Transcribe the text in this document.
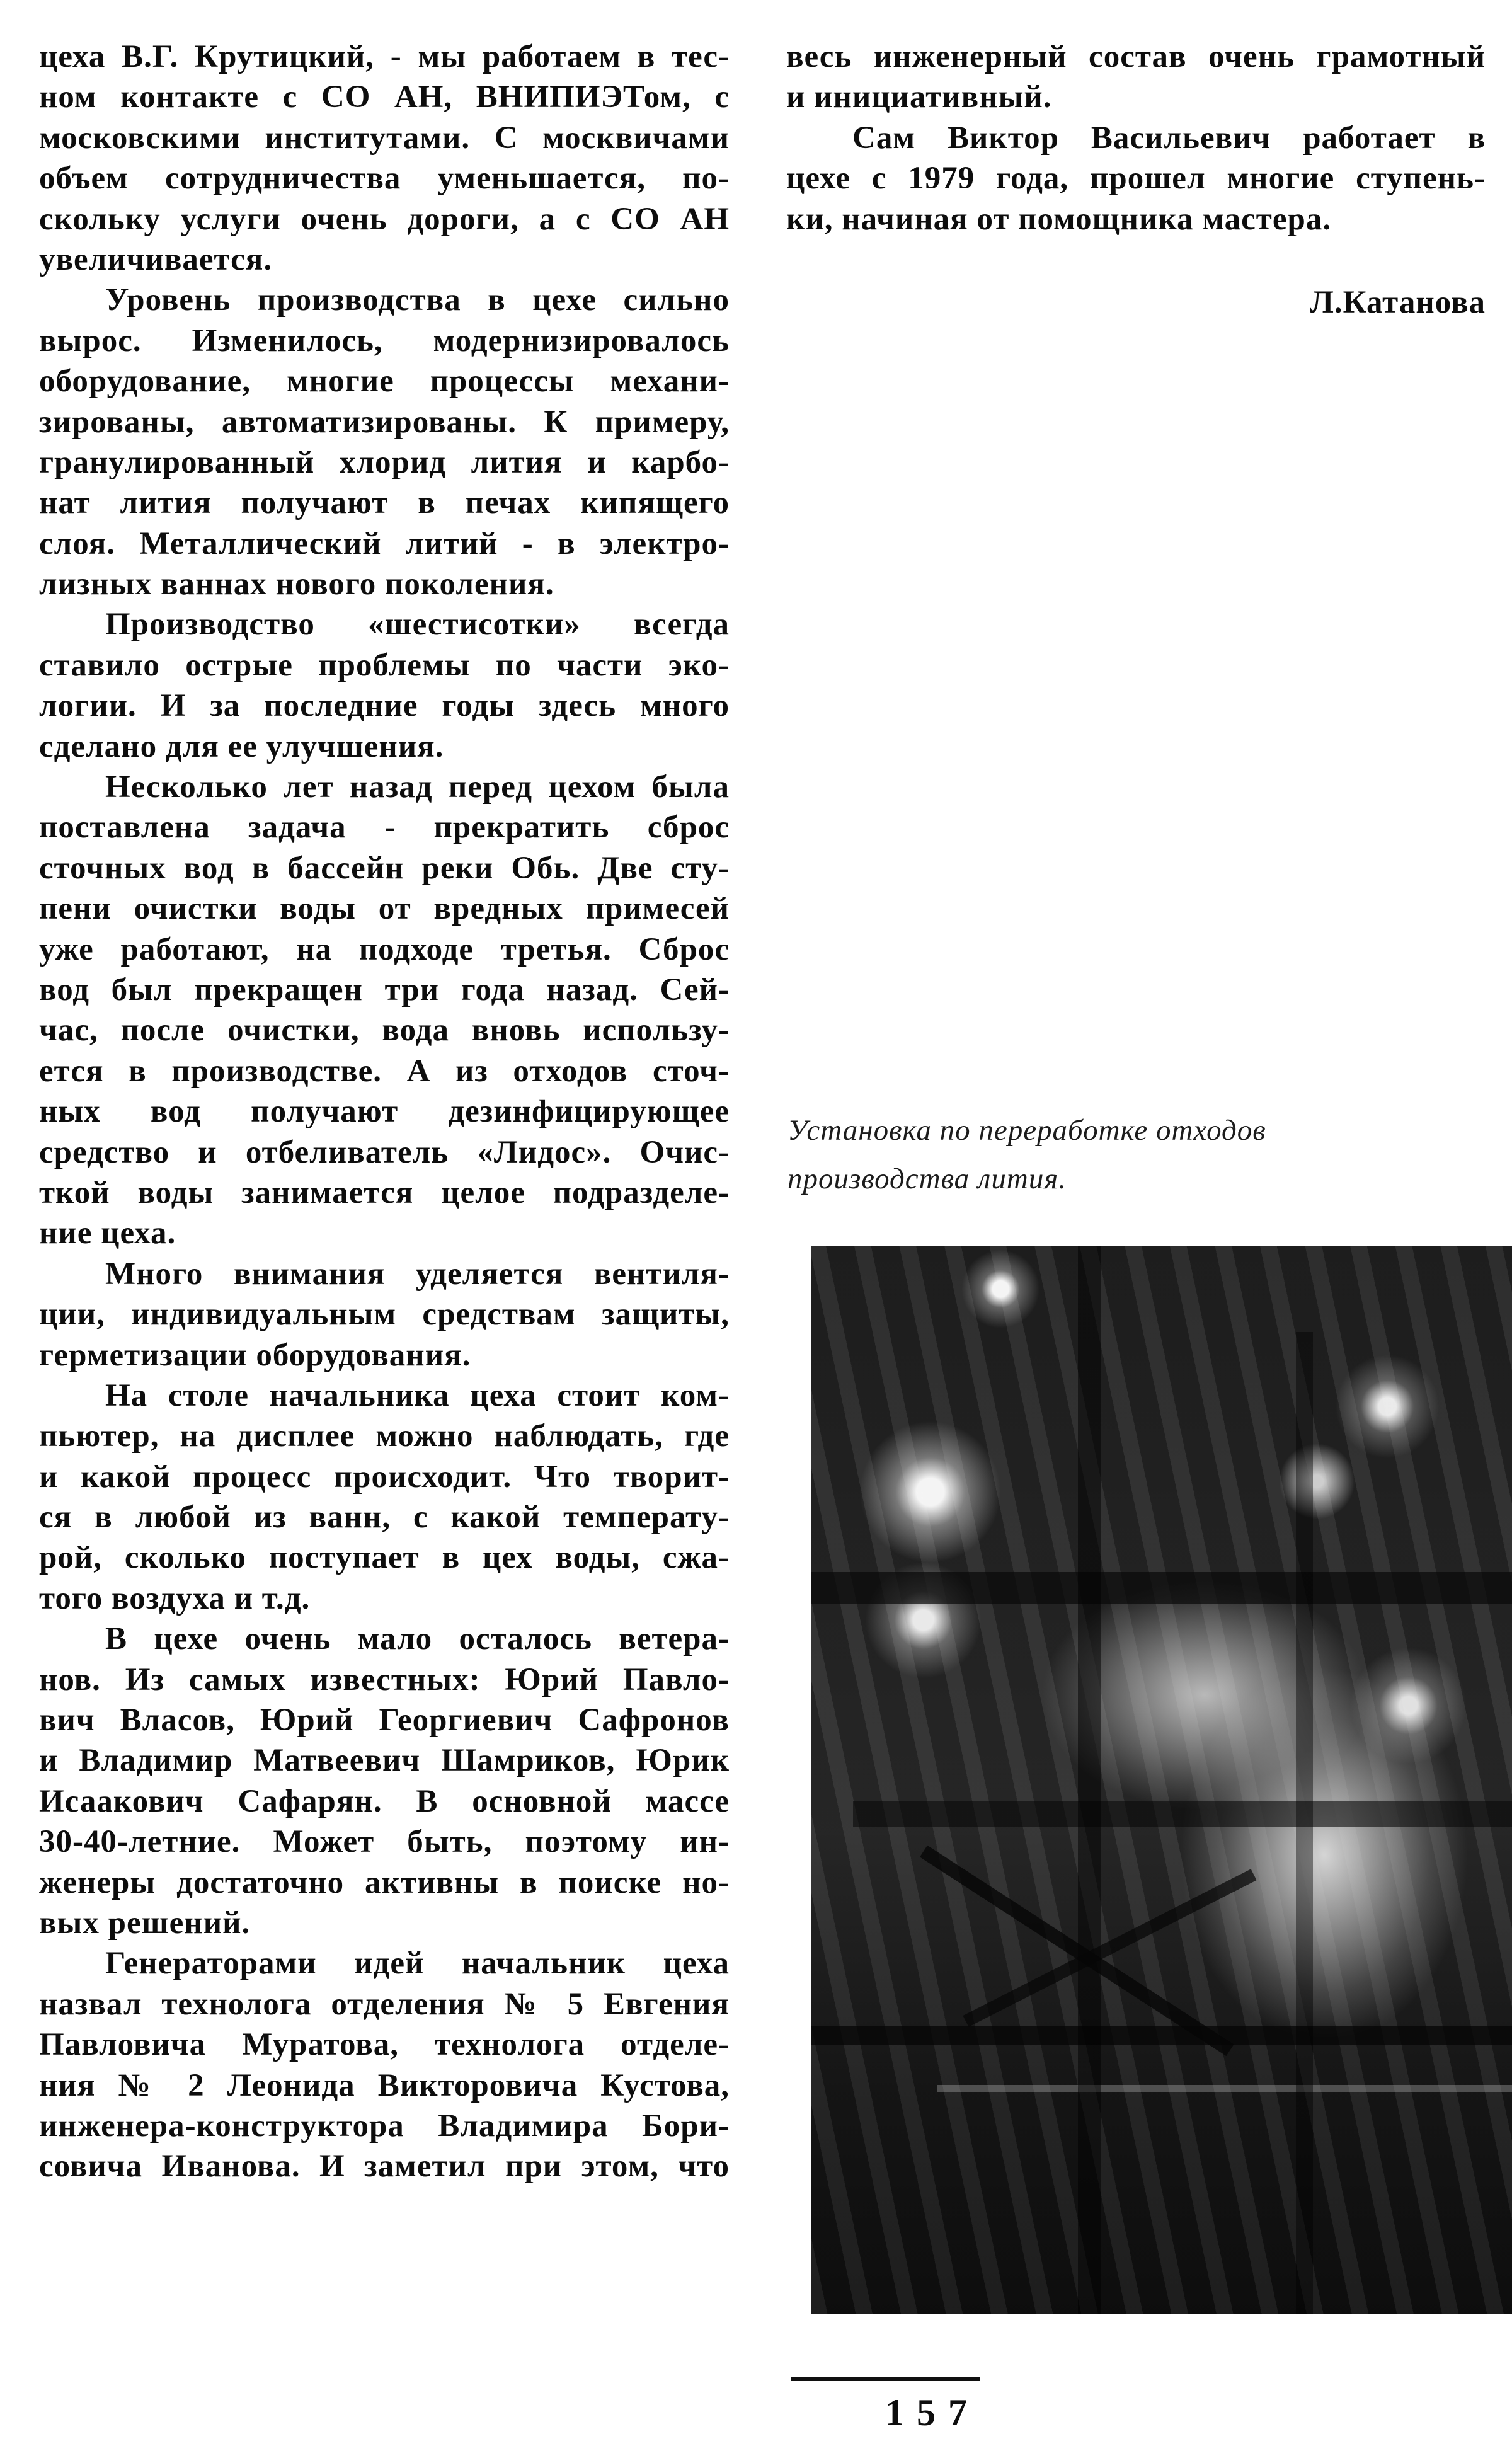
цеха В.Г. Крутицкий, - мы работаем в тес-
ном контакте с СО АН, ВНИПИЭТом, с
московскими институтами. С москвичами
объем сотрудничества уменьшается, по-
скольку услуги очень дороги, а с СО АН
увеличивается.
Уровень производства в цехе сильно
вырос. Изменилось, модернизировалось
оборудование, многие процессы механи-
зированы, автоматизированы. К примеру,
гранулированный хлорид лития и карбо-
нат лития получают в печах кипящего
слоя. Металлический литий - в электро-
лизных ваннах нового поколения.
Производство «шестисотки» всегда
ставило острые проблемы по части эко-
логии. И за последние годы здесь много
сделано для ее улучшения.
Несколько лет назад перед цехом была
поставлена задача - прекратить сброс
сточных вод в бассейн реки Обь. Две сту-
пени очистки воды от вредных примесей
уже работают, на подходе третья. Сброс
вод был прекращен три года назад. Сей-
час, после очистки, вода вновь использу-
ется в производстве. А из отходов сточ-
ных вод получают дезинфицирующее
средство и отбеливатель «Лидос». Очис-
ткой воды занимается целое подразделе-
ние цеха.
Много внимания уделяется вентиля-
ции, индивидуальным средствам защиты,
герметизации оборудования.
На столе начальника цеха стоит ком-
пьютер, на дисплее можно наблюдать, где
и какой процесс происходит. Что творит-
ся в любой из ванн, с какой температу-
рой, сколько поступает в цех воды, сжа-
того воздуха и т.д.
В цехе очень мало осталось ветера-
нов. Из самых известных: Юрий Павло-
вич Власов, Юрий Георгиевич Сафронов
и Владимир Матвеевич Шамриков, Юрик
Исаакович Сафарян. В основной массе
30-40-летние. Может быть, поэтому ин-
женеры достаточно активны в поиске но-
вых решений.
Генераторами идей начальник цеха
назвал технолога отделения № 5 Евгения
Павловича Муратова, технолога отделе-
ния № 2 Леонида Викторовича Кустова,
инженера-конструктора Владимира Бори-
совича Иванова. И заметил при этом, что
весь инженерный состав очень грамотный
и инициативный.
Сам Виктор Васильевич работает в
цехе с 1979 года, прошел многие ступень-
ки, начиная от помощника мастера.
Л.Катанова
Установка по переработке отходов
производства лития.
157
